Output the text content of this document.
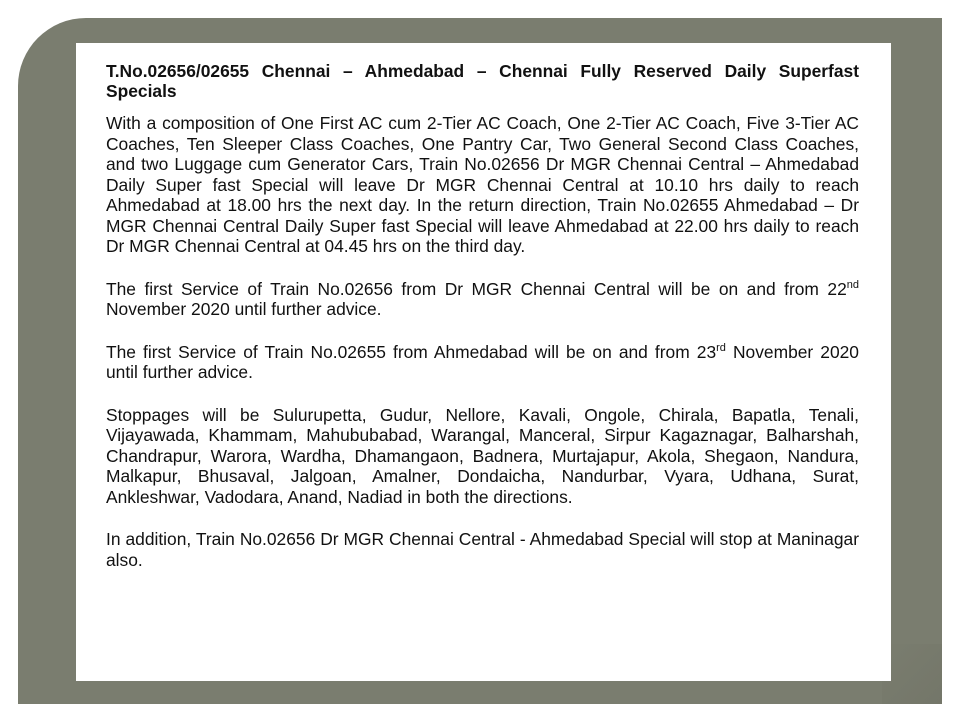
T.No.02656/02655 Chennai – Ahmedabad – Chennai Fully Reserved Daily Superfast Specials

With a composition of One First AC cum 2-Tier AC Coach, One 2-Tier AC Coach, Five 3-Tier AC Coaches, Ten Sleeper Class Coaches, One Pantry Car, Two General Second Class Coaches, and two Luggage cum Generator Cars, Train No.02656 Dr MGR Chennai Central – Ahmedabad Daily Super fast Special will leave Dr MGR Chennai Central at 10.10 hrs daily to reach Ahmedabad at 18.00 hrs the next day. In the return direction, Train No.02655 Ahmedabad – Dr MGR Chennai Central Daily Super fast Special will leave Ahmedabad at 22.00 hrs daily to reach Dr MGR Chennai Central at 04.45 hrs on the third day.

The first Service of Train No.02656 from Dr MGR Chennai Central will be on and from 22nd November 2020 until further advice.

The first Service of Train No.02655 from Ahmedabad will be on and from 23rd November 2020 until further advice.

Stoppages will be Sulurupetta, Gudur, Nellore, Kavali, Ongole, Chirala, Bapatla, Tenali, Vijayawada, Khammam, Mahububabad, Warangal, Manceral, Sirpur Kagaznagar, Balharshah, Chandrapur, Warora, Wardha, Dhamangaon, Badnera, Murtajapur, Akola, Shegaon, Nandura, Malkapur, Bhusaval, Jalgoan, Amalner, Dondaicha, Nandurbar, Vyara, Udhana, Surat, Ankleshwar, Vadodara, Anand, Nadiad in both the directions.

In addition, Train No.02656 Dr MGR Chennai Central - Ahmedabad Special will stop at Maninagar also.
